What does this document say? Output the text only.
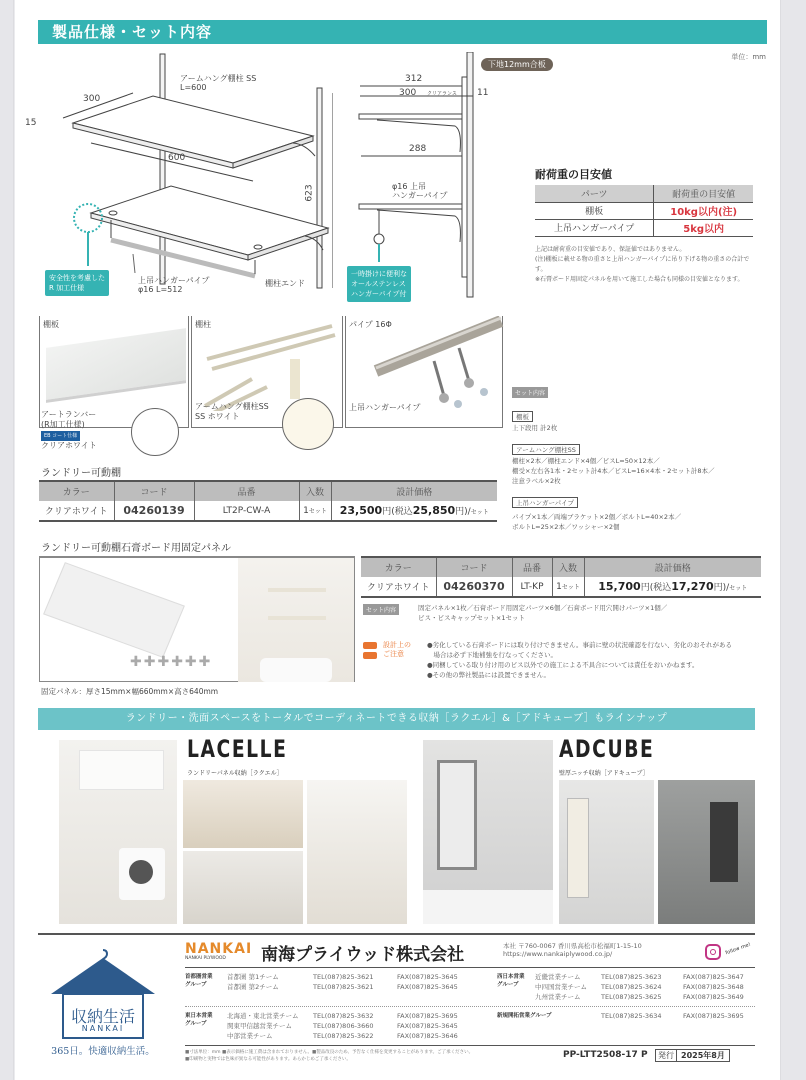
製品仕様・セット内容
単位：mm
300
15
600
623
アームハング棚柱 SS
L=600
上吊ハンガーパイプ
φ16 L=512
棚柱エンド
安全性を考慮した
R 加工仕様
312
300 クリアランス 11
288
φ16 上吊
ハンガーパイプ
一時掛けに便利な
オールステンレス
ハンガーパイプ付
下地12mm合板
耐荷重の目安値
パーツ	耐荷重の目安値
棚板	10kg以内(注)
上吊ハンガーパイプ	5kg以内
上記は耐荷重の目安値であり、保証値ではありません。
(注)棚板に載せる物の重さと上吊ハンガーパイプに吊り下げる物の重さの合計です。
※石膏ボード用固定パネルを用いて施工した場合も同様の目安値となります。
棚板
アートランバー
(R加工仕様)
EB コート仕様
クリアホワイト
棚柱
アームハング棚柱SS
SS ホワイト
パイプ 16Φ
上吊ハンガーパイプ
セット内容
棚板
上下段用 計2枚
アームハング棚柱SS
棚柱×2本／棚柱エンド×4個／ビスL=50×12本／
棚受×左右各1本・2セット計4本／ビスL=16×4本・2セット計8本／
注意ラベル×2枚
上吊ハンガーパイプ
パイプ×1本／両端ブラケット×2個／ボルトL=40×2本／
ボルトL=25×2本／ワッシャー×2個
ランドリー可動棚
カラー	コード	品番	入数	設計価格
クリアホワイト	04260139	LT2P-CW-A	1セット	23,500円(税込25,850円)/セット
ランドリー可動棚石膏ボード用固定パネル
✚✚✚✚✚✚
固定パネル：厚さ15mm×幅660mm×高さ640mm
カラー	コード	品番	入数	設計価格
クリアホワイト	04260370	LT-KP	1セット	15,700円(税込17,270円)/セット
セット内容	固定パネル×1枚／石膏ボード用固定パーツ×6個／石膏ボード用穴開けパーツ×1個／
ビス・ビスキャップセット×1セット
設計上の
ご注意
●劣化している石膏ボードには取り付けできません。事前に壁の状況確認を行ない、劣化のおそれがある
　場合は必ず下地補強を行なってください。
●同梱している取り付け用のビス以外での施工による不具合については責任をおいかねます。
●その他の弊社製品には設置できません。
ランドリー・洗面スペースをトータルでコーディネートできる収納［ラクエル］&［アドキューブ］もラインナップ
LACELLE
ランドリーパネル収納［ラクエル］
ADCUBE
壁厚ニッチ収納［アドキューブ］
収納生活
NANKAI
365日。快適収納生活。
NANKAI
NANKAI PLYWOOD	南海プライウッド株式会社	本社 〒760-0067 香川県高松市松福町1-15-10
https://www.nankaiplywood.co.jp/	follow me!
首都圏営業
グループ
首都圏 第1チーム	TEL(087)825-3621	FAX(087)825-3645
首都圏 第2チーム	TEL(087)825-3621	FAX(087)825-3645
西日本営業
グループ
近畿営業チーム	TEL(087)825-3623	FAX(087)825-3647
中四国営業チーム TEL(087)825-3624	FAX(087)825-3648
九州営業チーム	TEL(087)825-3625	FAX(087)825-3649
東日本営業
グループ
北海道・東北営業チーム TEL(087)825-3632	FAX(087)825-3695
関東甲信越営業チーム	TEL(087)806-3660	FAX(087)825-3645
中部営業チーム	TEL(087)825-3622	FAX(087)825-3646
新規開拓営業グループ	TEL(087)825-3634	FAX(087)825-3695
■寸法単位：mm ■表示価格に施工費は含まれておりません。■製品改良のため、予告なく仕様を変更することがあります。ご了承ください。
■印刷物と実物では色味が異なる可能性があります。あらかじめご了承ください。	PP-LTT2508-17 P 発行 2025年8月
